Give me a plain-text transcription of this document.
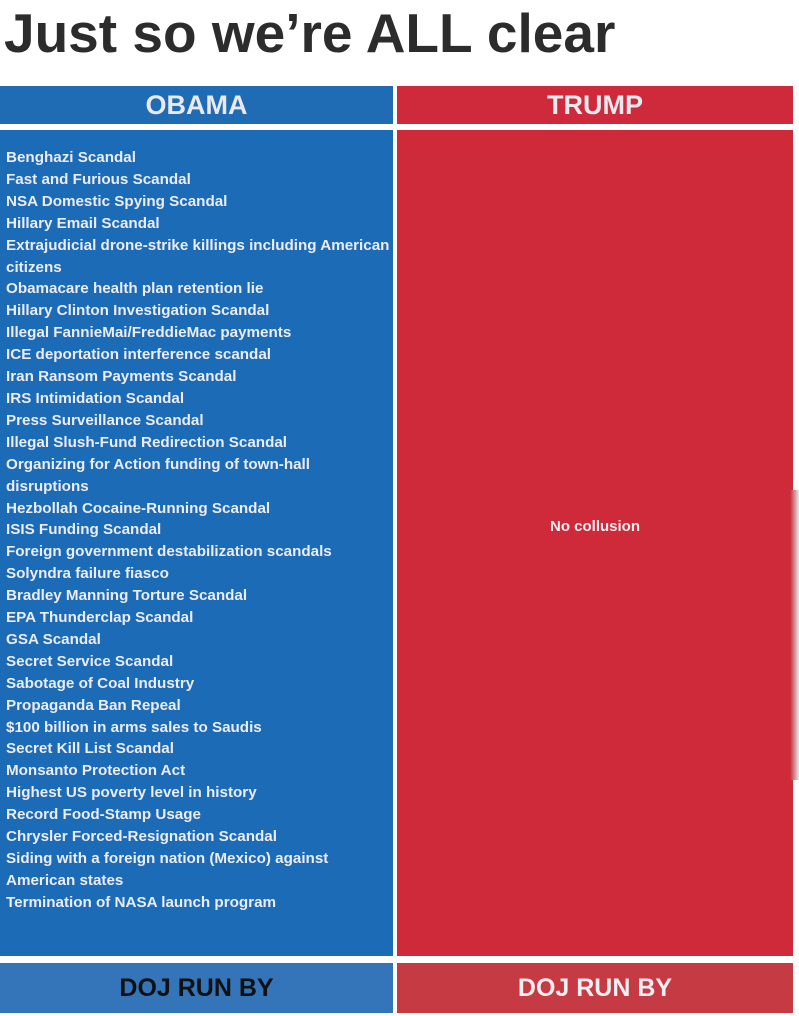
Just so we’re ALL clear
OBAMA	TRUMP
Benghazi Scandal
Fast and Furious Scandal
NSA Domestic Spying Scandal
Hillary Email Scandal
Extrajudicial drone-strike killings including American citizens
Obamacare health plan retention lie
Hillary Clinton Investigation Scandal
Illegal FannieMai/FreddieMac payments
ICE deportation interference scandal
Iran Ransom Payments Scandal
IRS Intimidation Scandal
Press Surveillance Scandal
Illegal Slush-Fund Redirection Scandal
Organizing for Action funding of town-hall disruptions
Hezbollah Cocaine-Running Scandal
ISIS Funding Scandal
Foreign government destabilization scandals
Solyndra failure fiasco
Bradley Manning Torture Scandal
EPA Thunderclap Scandal
GSA Scandal
Secret Service Scandal
Sabotage of Coal Industry
Propaganda Ban Repeal
$100 billion in arms sales to Saudis
Secret Kill List Scandal
Monsanto Protection Act
Highest US poverty level in history
Record Food-Stamp Usage
Chrysler Forced-Resignation Scandal
Siding with a foreign nation (Mexico) against American states
Termination of NASA launch program
No collusion
DOJ RUN BY	DOJ RUN BY
